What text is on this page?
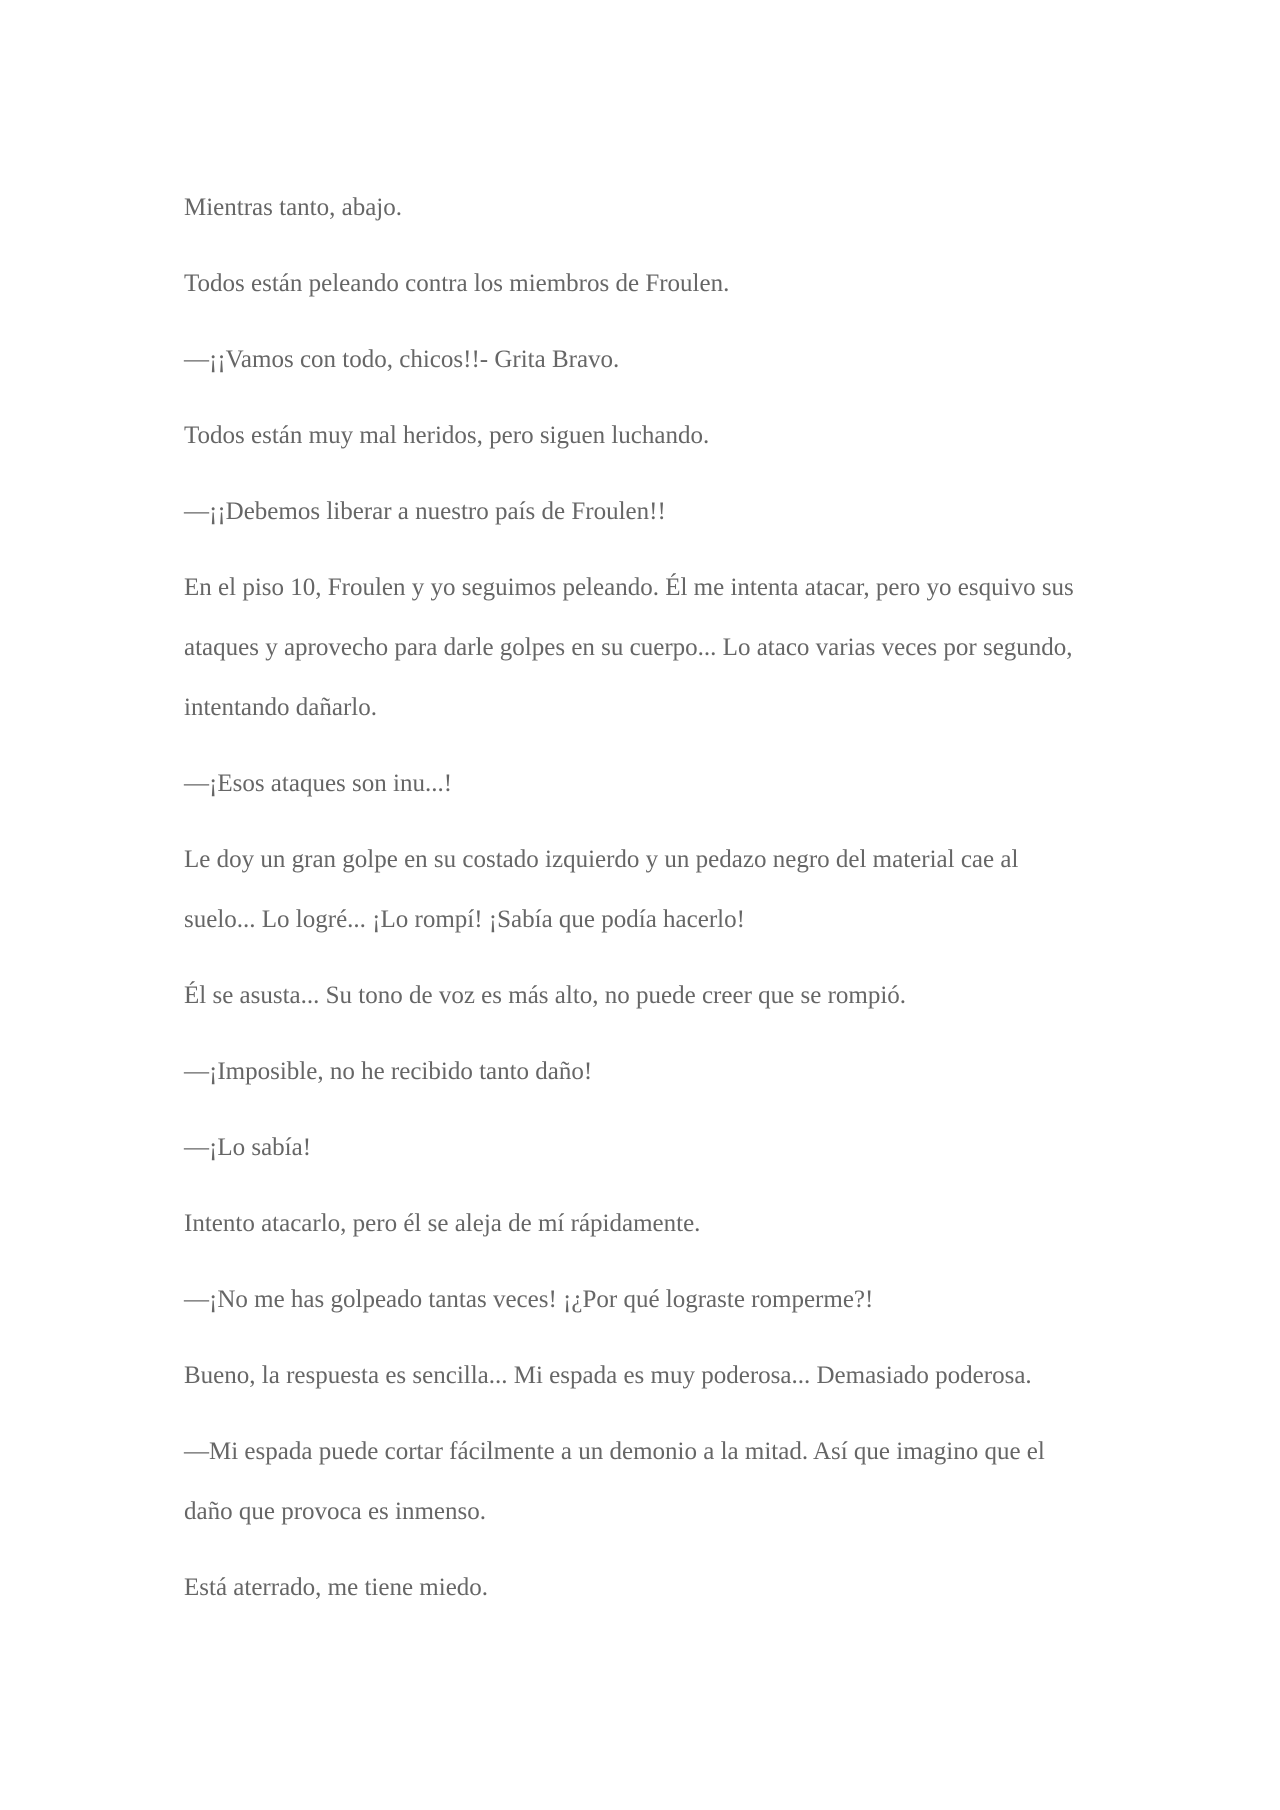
Mientras tanto, abajo.

Todos están peleando contra los miembros de Froulen.

—¡¡Vamos con todo, chicos!!- Grita Bravo.

Todos están muy mal heridos, pero siguen luchando.

—¡¡Debemos liberar a nuestro país de Froulen!!

En el piso 10, Froulen y yo seguimos peleando. Él me intenta atacar, pero yo esquivo sus ataques y aprovecho para darle golpes en su cuerpo... Lo ataco varias veces por segundo, intentando dañarlo.

—¡Esos ataques son inu...!

Le doy un gran golpe en su costado izquierdo y un pedazo negro del material cae al suelo... Lo logré... ¡Lo rompí! ¡Sabía que podía hacerlo!

Él se asusta... Su tono de voz es más alto, no puede creer que se rompió.

—¡Imposible, no he recibido tanto daño!

—¡Lo sabía!

Intento atacarlo, pero él se aleja de mí rápidamente.

—¡No me has golpeado tantas veces! ¡¿Por qué lograste romperme?!

Bueno, la respuesta es sencilla... Mi espada es muy poderosa... Demasiado poderosa.

—Mi espada puede cortar fácilmente a un demonio a la mitad. Así que imagino que el daño que provoca es inmenso.

Está aterrado, me tiene miedo.
